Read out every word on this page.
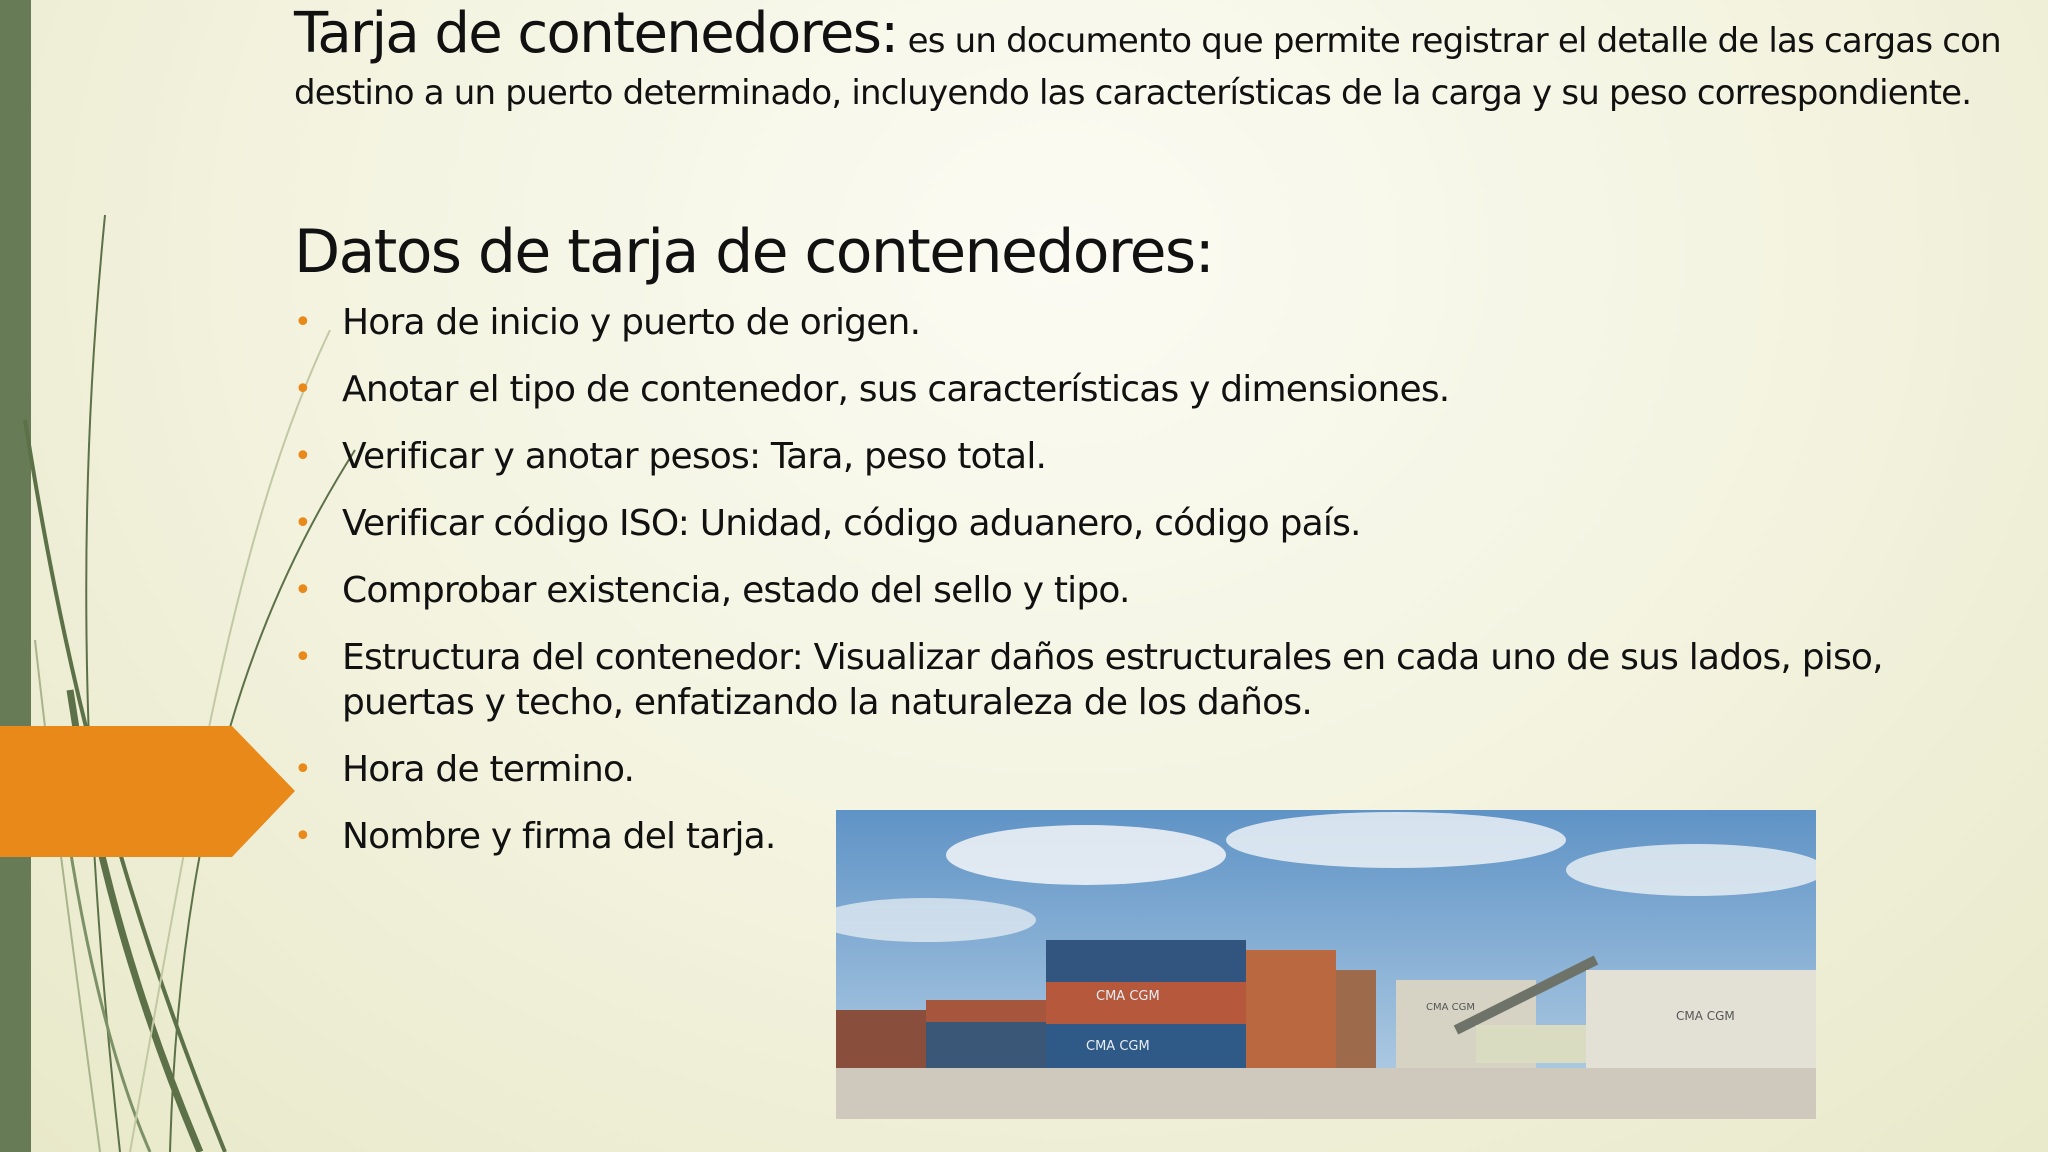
Tarja de contenedores: es un documento que permite registrar el detalle de las cargas con destino a un puerto determinado, incluyendo las características de la carga y su peso correspondiente.
Datos de tarja de contenedores:
• Hora de inicio y puerto de origen.
• Anotar el tipo de contenedor, sus características y dimensiones.
• Verificar y anotar pesos: Tara, peso total.
• Verificar código ISO: Unidad, código aduanero, código país.
• Comprobar existencia, estado del sello y tipo.
• Estructura del contenedor: Visualizar daños estructurales en cada uno de sus lados, piso, puertas y techo, enfatizando la naturaleza de los daños.
• Hora de termino.
• Nombre y firma del tarja.
CMA CGM
CMA CGM
CMA CGM
CMA CGM
